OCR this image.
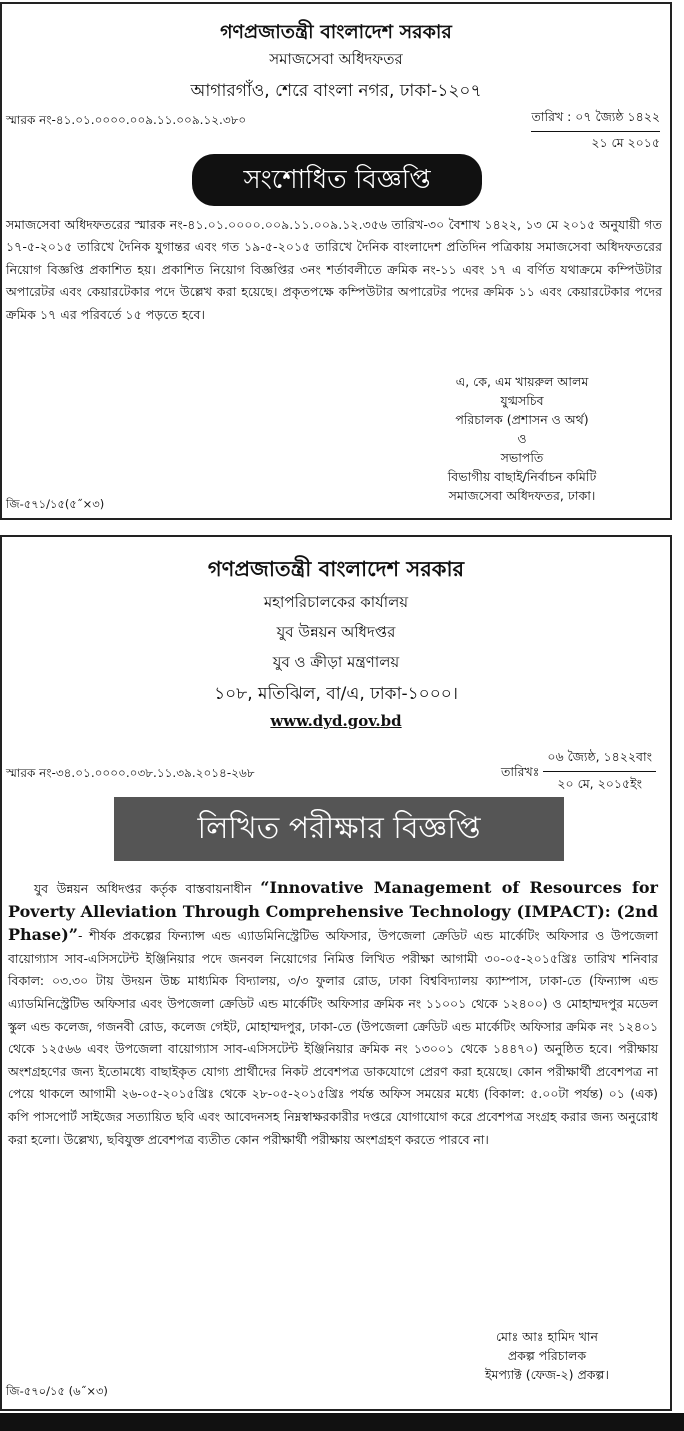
গণপ্রজাতন্ত্রী বাংলাদেশ সরকার
সমাজসেবা অধিদফতর
আগারগাঁও, শেরে বাংলা নগর, ঢাকা-১২০৭
স্মারক নং-৪১.০১.০০০০.০০৯.১১.০০৯.১২.৩৮০	তারিখ : ০৭ জ্যৈষ্ঠ ১৪২২
২১ মে ২০১৫
সংশোধিত বিজ্ঞপ্তি
সমাজসেবা অধিদফতরের স্মারক নং-৪১.০১.০০০০.০০৯.১১.০০৯.১২.৩৫৬ তারিখ-৩০ বৈশাখ ১৪২২, ১৩ মে ২০১৫ অনুযায়ী গত ১৭-৫-২০১৫ তারিখে দৈনিক যুগান্তর এবং গত ১৯-৫-২০১৫ তারিখে দৈনিক বাংলাদেশ প্রতিদিন পত্রিকায় সমাজসেবা অধিদফতরের নিয়োগ বিজ্ঞপ্তি প্রকাশিত হয়। প্রকাশিত নিয়োগ বিজ্ঞপ্তির ৩নং শর্তাবলীতে ক্রমিক নং-১১ এবং ১৭ এ বর্ণিত যথাক্রমে কম্পিউটার অপারেটর এবং কেয়ারটেকার পদে উল্লেখ করা হয়েছে। প্রকৃতপক্ষে কম্পিউটার অপারেটর পদের ক্রমিক ১১ এবং কেয়ারটেকার পদের ক্রমিক ১৭ এর পরিবর্তে ১৫ পড়তে হবে।
এ, কে, এম খায়রুল আলম
যুগ্মসচিব
পরিচালক (প্রশাসন ও অর্থ)
ও
সভাপতি
বিভাগীয় বাছাই/নির্বাচন কমিটি
সমাজসেবা অধিদফতর, ঢাকা।
জি-৫৭১/১৫(৫˝×৩)
গণপ্রজাতন্ত্রী বাংলাদেশ সরকার
মহাপরিচালকের কার্যালয়
যুব উন্নয়ন অধিদপ্তর
যুব ও ক্রীড়া মন্ত্রণালয়
১০৮, মতিঝিল, বা/এ, ঢাকা-১০০০।
www.dyd.gov.bd
স্মারক নং-৩৪.০১.০০০০.০৩৮.১১.৩৯.২০১৪-২৬৮	তারিখঃ $\frac{\text{০৬ জ্যৈষ্ঠ, ১৪২২বাং}}{\text{২০ মে, ২০১৫ইং}}$
লিখিত পরীক্ষার বিজ্ঞপ্তি
যুব উন্নয়ন অধিদপ্তর কর্তৃক বাস্তবায়নাধীন “Innovative Management of Resources for Poverty Alleviation Through Comprehensive Technology (IMPACT): (2nd Phase)”- শীর্ষক প্রকল্পের ফিন্যান্স এন্ড এ্যাডমিনিস্ট্রেটিভ অফিসার, উপজেলা ক্রেডিট এন্ড মার্কেটিং অফিসার ও উপজেলা বায়োগ্যাস সাব-এসিসটেন্ট ইঞ্জিনিয়ার পদে জনবল নিয়োগের নিমিত্ত লিখিত পরীক্ষা আগামী ৩০-০৫-২০১৫খ্রিঃ তারিখ শনিবার বিকাল: ০৩.৩০ টায় উদয়ন উচ্চ মাধ্যমিক বিদ্যালয়, ৩/৩ ফুলার রোড, ঢাকা বিশ্ববিদ্যালয় ক্যাম্পাস, ঢাকা-তে (ফিন্যান্স এন্ড এ্যাডমিনিস্ট্রেটিভ অফিসার এবং উপজেলা ক্রেডিট এন্ড মার্কেটিং অফিসার ক্রমিক নং ১১০০১ থেকে ১২৪০০) ও মোহাম্মদপুর মডেল স্কুল এন্ড কলেজ, গজনবী রোড, কলেজ গেইট, মোহাম্মদপুর, ঢাকা-তে (উপজেলা ক্রেডিট এন্ড মার্কেটিং অফিসার ক্রমিক নং ১২৪০১ থেকে ১২৫৬৬ এবং উপজেলা বায়োগ্যাস সাব-এসিসটেন্ট ইঞ্জিনিয়ার ক্রমিক নং ১৩০০১ থেকে ১৪৪৭০) অনুষ্ঠিত হবে। পরীক্ষায় অংশগ্রহণের জন্য ইতোমধ্যে বাছাইকৃত যোগ্য প্রার্থীদের নিকট প্রবেশপত্র ডাকযোগে প্রেরণ করা হয়েছে। কোন পরীক্ষার্থী প্রবেশপত্র না পেয়ে থাকলে আগামী ২৬-০৫-২০১৫খ্রিঃ থেকে ২৮-০৫-২০১৫খ্রিঃ পর্যন্ত অফিস সময়ের মধ্যে (বিকাল: ৫.০০টা পর্যন্ত) ০১ (এক) কপি পাসপোর্ট সাইজের সত্যায়িত ছবি এবং আবেদনসহ নিম্নস্বাক্ষরকারীর দপ্তরে যোগাযোগ করে প্রবেশপত্র সংগ্রহ করার জন্য অনুরোধ করা হলো। উল্লেখ্য, ছবিযুক্ত প্রবেশপত্র ব্যতীত কোন পরীক্ষার্থী পরীক্ষায় অংশগ্রহণ করতে পারবে না।
মোঃ আঃ হামিদ খান
প্রকল্প পরিচালক
ইমপ্যাক্ট (ফেজ-২) প্রকল্প।
জি-৫৭০/১৫ (৬˝×৩)
